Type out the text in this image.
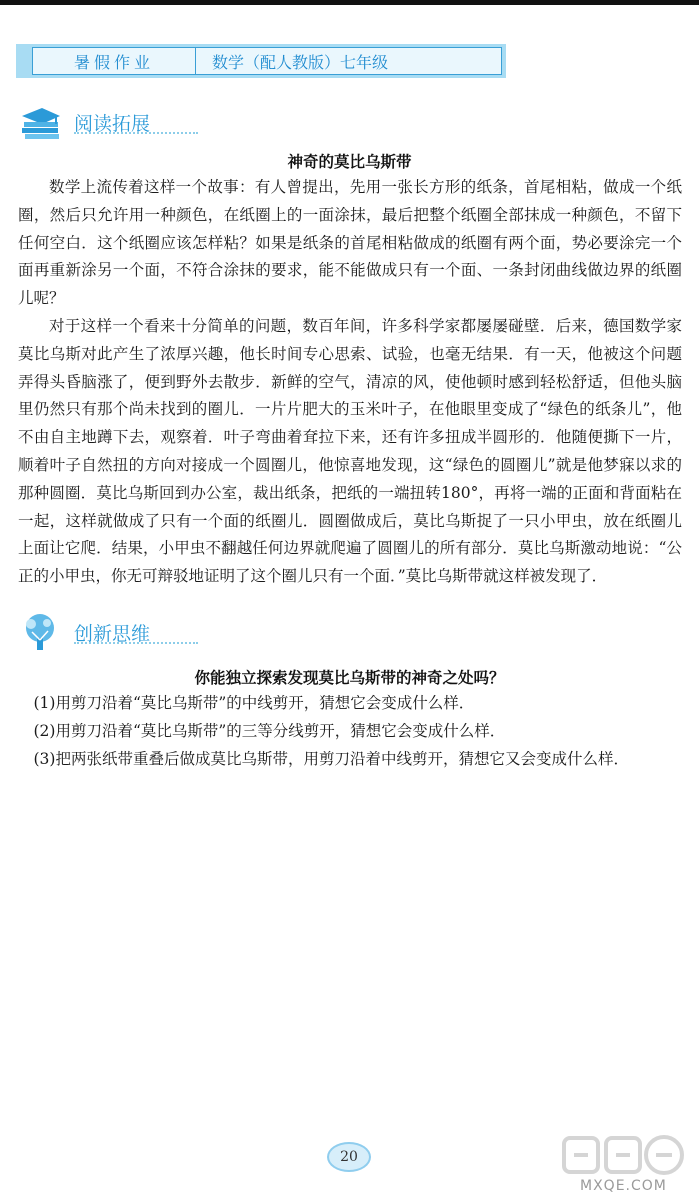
暑假作业	数学（配人教版）七年级
阅读拓展
神奇的莫比乌斯带

数学上流传着这样一个故事：有人曾提出，先用一张长方形的纸条，首尾相粘，做成一个纸圈，然后只允许用一种颜色，在纸圈上的一面涂抹，最后把整个纸圈全部抹成一种颜色，不留下任何空白．这个纸圈应该怎样粘？如果是纸条的首尾相粘做成的纸圈有两个面，势必要涂完一个面再重新涂另一个面，不符合涂抹的要求，能不能做成只有一个面、一条封闭曲线做边界的纸圈儿呢？

对于这样一个看来十分简单的问题，数百年间，许多科学家都屡屡碰壁．后来，德国数学家莫比乌斯对此产生了浓厚兴趣，他长时间专心思索、试验，也毫无结果．有一天，他被这个问题弄得头昏脑涨了，便到野外去散步．新鲜的空气，清凉的风，使他顿时感到轻松舒适，但他头脑里仍然只有那个尚未找到的圈儿．一片片肥大的玉米叶子，在他眼里变成了“绿色的纸条儿”，他不由自主地蹲下去，观察着．叶子弯曲着耷拉下来，还有许多扭成半圆形的．他随便撕下一片，顺着叶子自然扭的方向对接成一个圆圈儿，他惊喜地发现，这“绿色的圆圈儿”就是他梦寐以求的那种圆圈．莫比乌斯回到办公室，裁出纸条，把纸的一端扭转180°，再将一端的正面和背面粘在一起，这样就做成了只有一个面的纸圈儿．圆圈做成后，莫比乌斯捉了一只小甲虫，放在纸圈儿上面让它爬．结果，小甲虫不翻越任何边界就爬遍了圆圈儿的所有部分．莫比乌斯激动地说：“公正的小甲虫，你无可辩驳地证明了这个圈儿只有一个面．”莫比乌斯带就这样被发现了．

创新思维
你能独立探索发现莫比乌斯带的神奇之处吗？

(1)用剪刀沿着“莫比乌斯带”的中线剪开，猜想它会变成什么样．

(2)用剪刀沿着“莫比乌斯带”的三等分线剪开，猜想它会变成什么样．

(3)把两张纸带重叠后做成莫比乌斯带，用剪刀沿着中线剪开，猜想它又会变成什么样．

20
MXQE.COM
